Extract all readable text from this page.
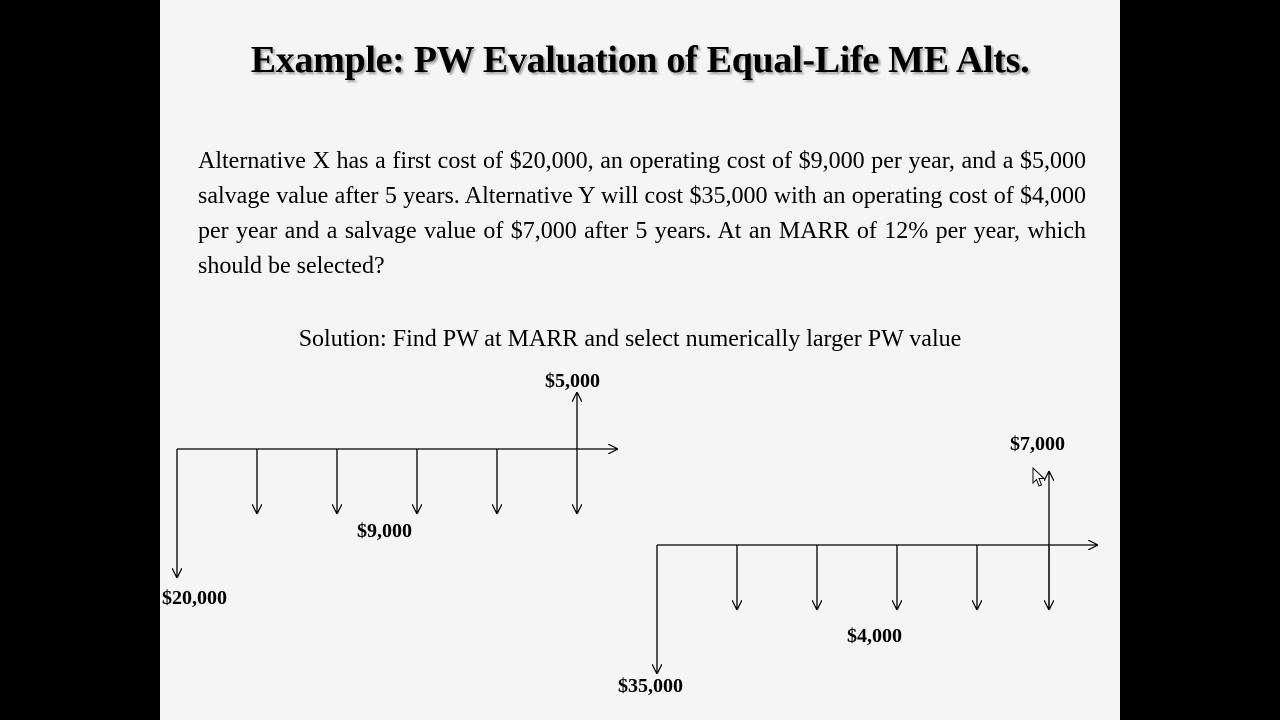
Example: PW Evaluation of Equal-Life ME Alts.

Alternative X has a first cost of $20,000, an operating cost of $9,000 per year, and a $5,000 salvage value after 5 years. Alternative Y will cost $35,000 with an operating cost of $4,000 per year and a salvage value of $7,000 after 5 years. At an MARR of 12% per year, which should be selected?

Solution: Find PW at MARR and select numerically larger PW value
$5,000
$9,000
$20,000
$7,000
$4,000
$35,000
